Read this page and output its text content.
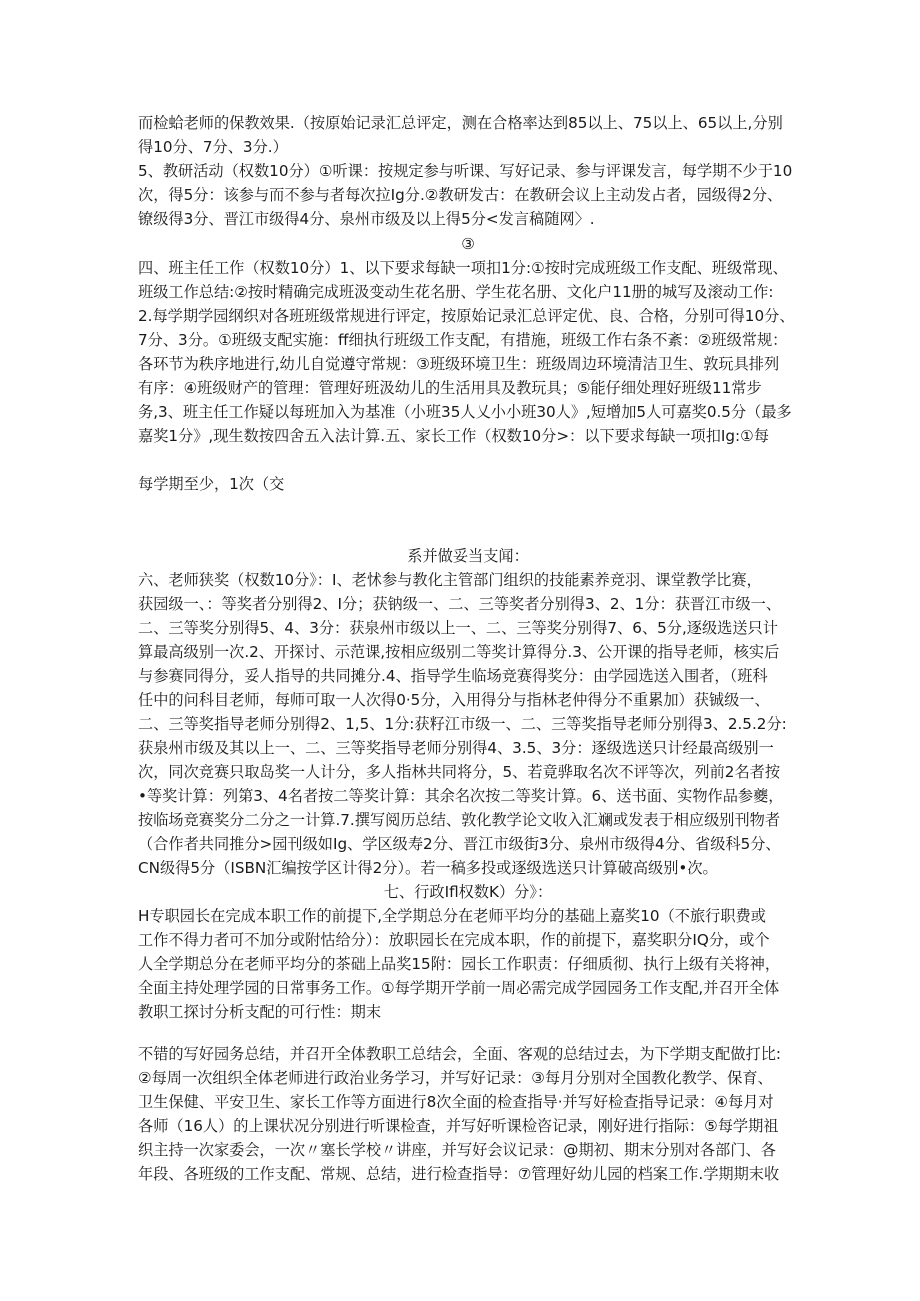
而检蛤老师的保教效果.（按原始记录汇总评定，测在合格率达到85以上、75以上、65以上,分别
得10分、7分、3分.）
5、教研活动（权数10分）①听课：按规定参与听课、写好记录、参与评课发言，每学期不少于10
次，得5分：该参与而不参与者每次拉Ig分.②教研发古：在教研会议上主动发占者，园级得2分、
镣级得3分、晋江市级得4分、泉州市级及以上得5分<发言稿随网〉.
③
四、班主任工作（权数10分）1、以下要求每缺一项扣1分:①按时完成班级工作支配、班级常现、
班级工作总结:②按时精确完成班汲变动生花名册、学生花名册、文化户11册的城写及滚动工作:
2.每学期学园纲织对各班班级常规进行评定，按原始记录汇总评定优、良、合格，分别可得10分、
7分、3分。①班级支配实施：ff细执行班级工作支配，有措施，班级工作右条不紊：②班级常规：
各环节为秩序地进行,幼儿自觉遵守常规：③班级环境卫生：班级周边环境清洁卫生、敦玩具排列
有序：④班级财产的管理：管理好班汲幼儿的生活用具及教玩具；⑤能仔细处理好班级11常步
务,3、班主任工作疑以每班加入为基准（小班35人乂小小班30人》,短增加5人可嘉奖0.5分（最多
嘉奖1分》,现生数按四舍五入法计算.五、家长工作（权数10分>：以下要求每缺一项扣Ig:①每
每学期至少，1次（交
系并做妥当支闻：
六、老师狭奖（权数10分》：I、老怵参与教化主管部门组织的技能素养竞羽、课堂教学比赛，
获园级一、：等奖者分别得2、I分；获钠级一、二、三等奖者分别得3、2、1分：获晋江市级一、
二、三等奖分别得5、4、3分：获泉州市级以上一、二、三等奖分别得7、6、5分,逐级选送只计
算最高级别一次.2、开探讨、示范课,按相应级别二等奖计算得分.3、公开课的指导老师，核实后
与参赛同得分，妥人指导的共同摊分.4、指导学生临场竞赛得奖分：由学园选送入围者，（班科
任中的问科目老师，每师可取一人次得0·5分，入用得分与指林老仲得分不重累加）获铖级一、
二、三等奖指导老师分别得2、1,5、1分:获籽江市级一、二、三等奖指导老师分别得3、2.5.2分:
获泉州市级及其以上一、二、三等奖指导老师分别得4、3.5、3分：逐级选送只计经最高级别一
次，同次竞赛只取岛奖一人计分，多人指林共同将分，5、若竟骅取名次不评等次，列前2名者按
•等奖计算：列第3、4名者按二等奖计算：其余名次按二等奖计算。6、送书面、实物作品参夔，
按临场竞赛奖分二分之一计算.7.撰写阅历总结、敦化教学论文收入汇斓或发表于相应级别刊物者
（合作者共同推分>园刊级如Ig、学区级寿2分、晋江市级街3分、泉州市级得4分、省级科5分、
CN级得5分（ISBN汇编按学区计得2分）。若一稿多投或逐级选送只计算破高级别•次。
七、行政Ifl权数K）分》：
H专职园长在完成本职工作的前提下,全学期总分在老师平均分的基础上嘉奖10（不旅行职费或
工作不得力者可不加分或附怙给分）：放职园长在完成本职，作的前提下，嘉奖职分IQ分，或个
人全学期总分在老师平均分的茶础上品奖15附：园长工作职责：仔细质彻、执行上级有关将神，
全面主持处理学园的日常事务工作。①每学期开学前一周必需完成学园园务工作支配,并召开全体
教职工探讨分析支配的可行性：期末
不错的写好园务总结，并召开全体教职工总结会，全面、客观的总结过去，为下学期支配做打比:
②每周一次组织全体老师进行政治业务学习，并写好记录：③每月分别对全国教化教学、保育、
卫生保健、平安卫生、家长工作等方面进行8次全面的检查指导·并写好检查指导记录：④每月对
各师（16人）的上课状况分别进行听课检查，并写好听课检咨记录，刚好进行指际：⑤每学期祖
织主持一次家委会，一次〃塞长学校〃讲座，并写好会议记录：@期初、期末分别对各部门、各
年段、各班级的工作支配、常规、总结，进行检查指导：⑦管理好幼儿园的档案工作.学期期末收
